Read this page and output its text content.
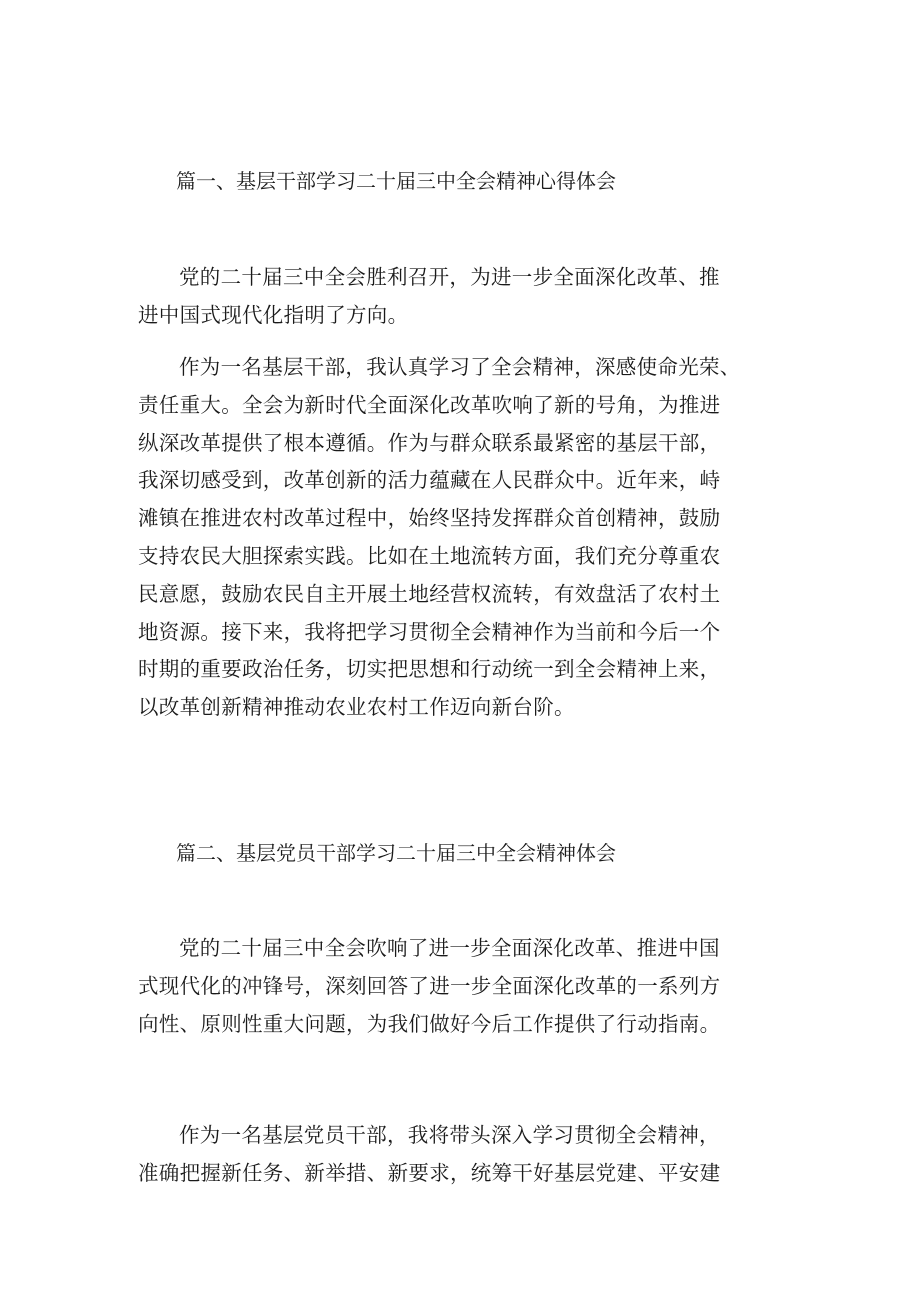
篇一、基层干部学习二十届三中全会精神心得体会
党的二十届三中全会胜利召开，为进一步全面深化改革、推
进中国式现代化指明了方向。
作为一名基层干部，我认真学习了全会精神，深感使命光荣、
责任重大。全会为新时代全面深化改革吹响了新的号角，为推进
纵深改革提供了根本遵循。作为与群众联系最紧密的基层干部，
我深切感受到，改革创新的活力蕴藏在人民群众中。近年来，峙
滩镇在推进农村改革过程中，始终坚持发挥群众首创精神，鼓励
支持农民大胆探索实践。比如在土地流转方面，我们充分尊重农
民意愿，鼓励农民自主开展土地经营权流转，有效盘活了农村土
地资源。接下来，我将把学习贯彻全会精神作为当前和今后一个
时期的重要政治任务，切实把思想和行动统一到全会精神上来，
以改革创新精神推动农业农村工作迈向新台阶。
篇二、基层党员干部学习二十届三中全会精神体会
党的二十届三中全会吹响了进一步全面深化改革、推进中国
式现代化的冲锋号，深刻回答了进一步全面深化改革的一系列方
向性、原则性重大问题，为我们做好今后工作提供了行动指南。
作为一名基层党员干部，我将带头深入学习贯彻全会精神，
准确把握新任务、新举措、新要求，统筹干好基层党建、平安建
